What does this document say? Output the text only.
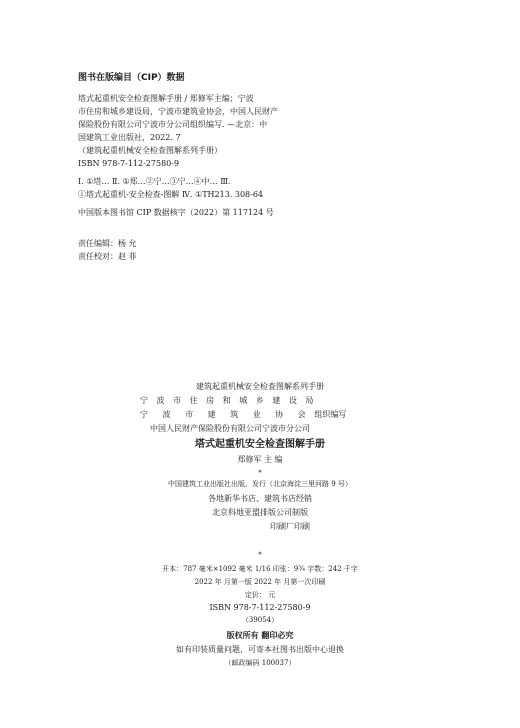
图书在版编目（CIP）数据
塔式起重机安全检查图解手册 / 郑修军主编；宁波
市住房和城乡建设局，宁波市建筑业协会，中国人民财产
保险股份有限公司宁波市分公司组织编写. —北京：中
国建筑工业出版社，2022. 7
（建筑起重机械安全检查图解系列手册）
ISBN 978-7-112-27580-9
Ⅰ. ①塔… Ⅱ. ①郑…②宁…③宁…④中… Ⅲ.
①塔式起重机-安全检查-图解 Ⅳ. ①TH213. 308-64
中国版本图书馆 CIP 数据核字（2022）第 117124 号
责任编辑：杨 允
责任校对：赵 菲
建筑起重机械安全检查图解系列手册
宁 波 市 住 房 和 城 乡 建 设 局
宁 波 市 建 筑 业 协 会 组织编写
中国人民财产保险股份有限公司宁波市分公司
塔式起重机安全检查图解手册
郑修军 主 编
*
中国建筑工业出版社出版、发行（北京海淀三里河路 9 号）
各地新华书店、建筑书店经销
北京科地亚盟排版公司制版
印刷厂印刷
*
开本：787 毫米×1092 毫米 1/16 印张：9¾ 字数：242 千字
2022 年 月第一版 2022 年 月第一次印刷
定价： 元
ISBN 978-7-112-27580-9
（39054）
版权所有 翻印必究
如有印装质量问题，可寄本社图书出版中心退换
（邮政编码 100037）
